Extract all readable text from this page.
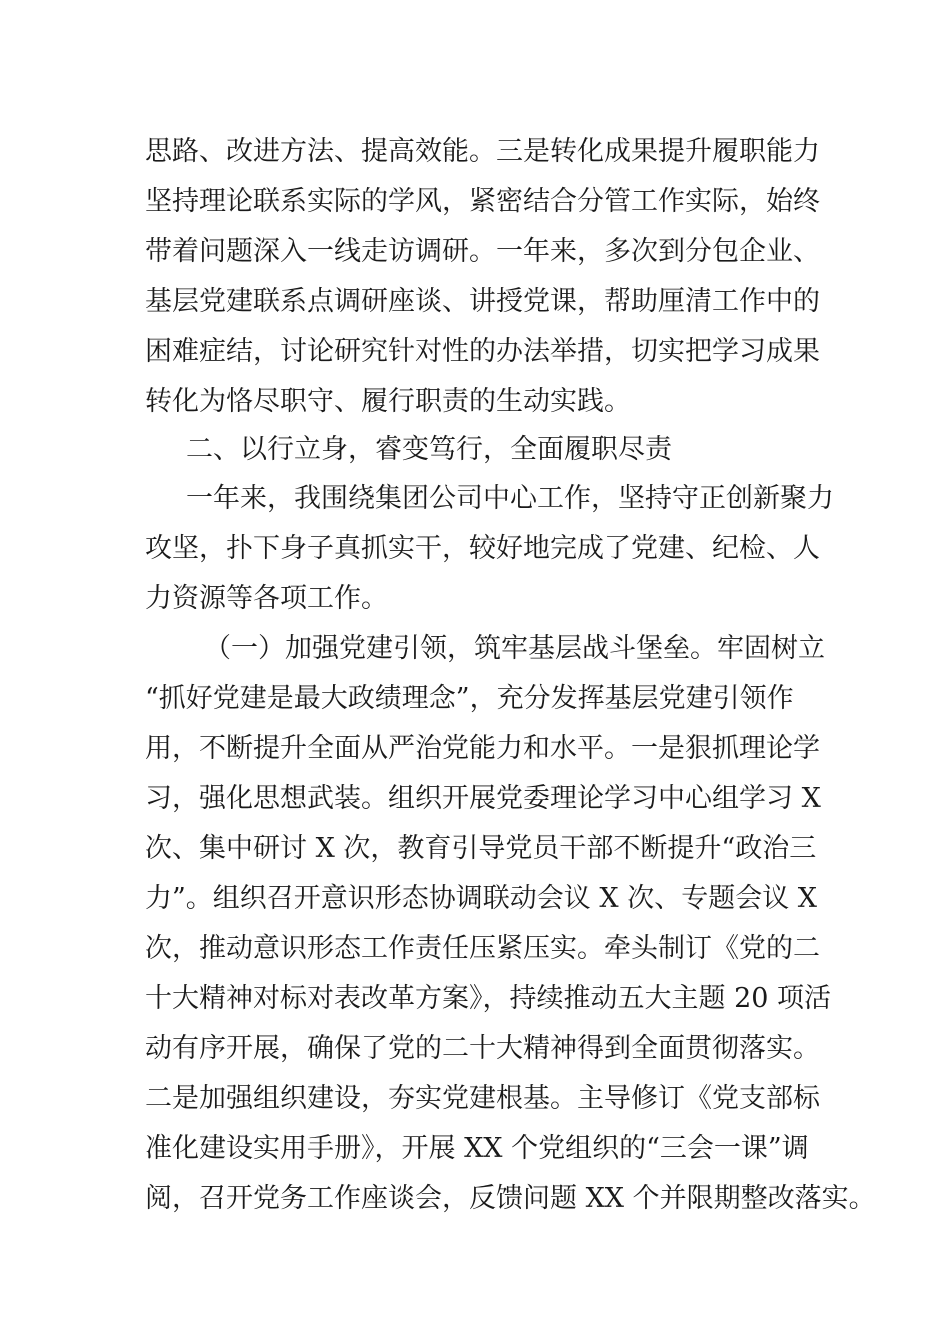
思路、改进方法、提高效能。三是转化成果提升履职能力
坚持理论联系实际的学风，紧密结合分管工作实际，始终
带着问题深入一线走访调研。一年来，多次到分包企业、
基层党建联系点调研座谈、讲授党课，帮助厘清工作中的
困难症结，讨论研究针对性的办法举措，切实把学习成果
转化为恪尽职守、履行职责的生动实践。
二、以行立身，睿变笃行，全面履职尽责
一年来，我围绕集团公司中心工作，坚持守正创新聚力
攻坚，扑下身子真抓实干，较好地完成了党建、纪检、人
力资源等各项工作。
（一）加强党建引领，筑牢基层战斗堡垒。牢固树立
“抓好党建是最大政绩理念”，充分发挥基层党建引领作
用，不断提升全面从严治党能力和水平。一是狠抓理论学
习，强化思想武装。组织开展党委理论学习中心组学习 X
次、集中研讨 X 次，教育引导党员干部不断提升“政治三
力”。组织召开意识形态协调联动会议 X 次、专题会议 X
次，推动意识形态工作责任压紧压实。牵头制订《党的二
十大精神对标对表改革方案》，持续推动五大主题 20 项活
动有序开展，确保了党的二十大精神得到全面贯彻落实。
二是加强组织建设，夯实党建根基。主导修订《党支部标
准化建设实用手册》，开展 XX 个党组织的“三会一课”调
阅，召开党务工作座谈会，反馈问题 XX 个并限期整改落实。
